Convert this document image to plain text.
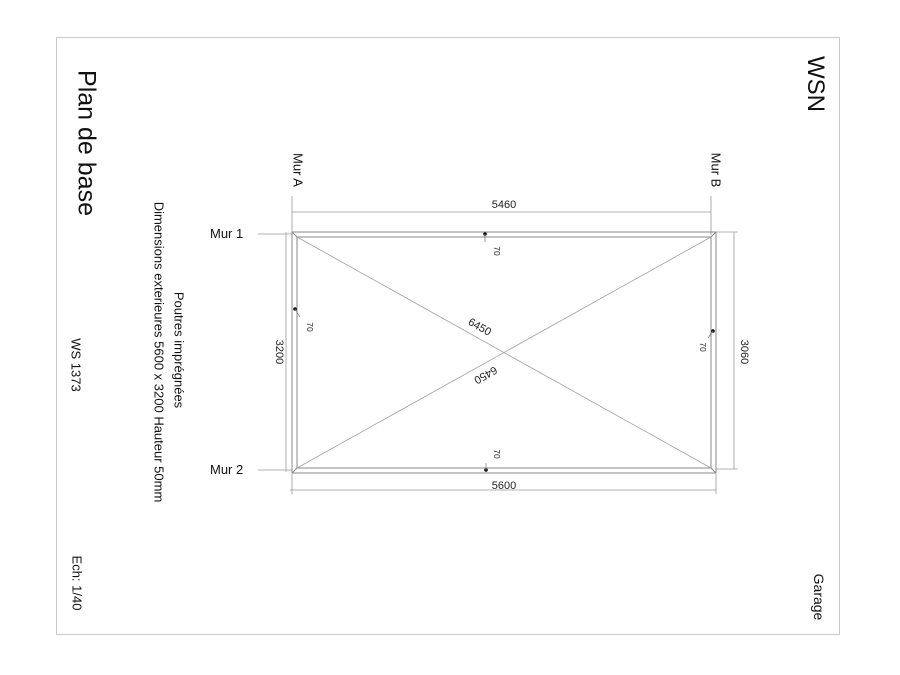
Plan de base
WS 1373
Ech: 1/40
Poutres imprégnées
Dimensions exterieures 5600 x 3200 Hauteur 50mm
WSN
Garage
Mur A	Mur B
Mur 1
Mur 2
5460
5600
3200	3060
6450
6450
70
70
70
70
